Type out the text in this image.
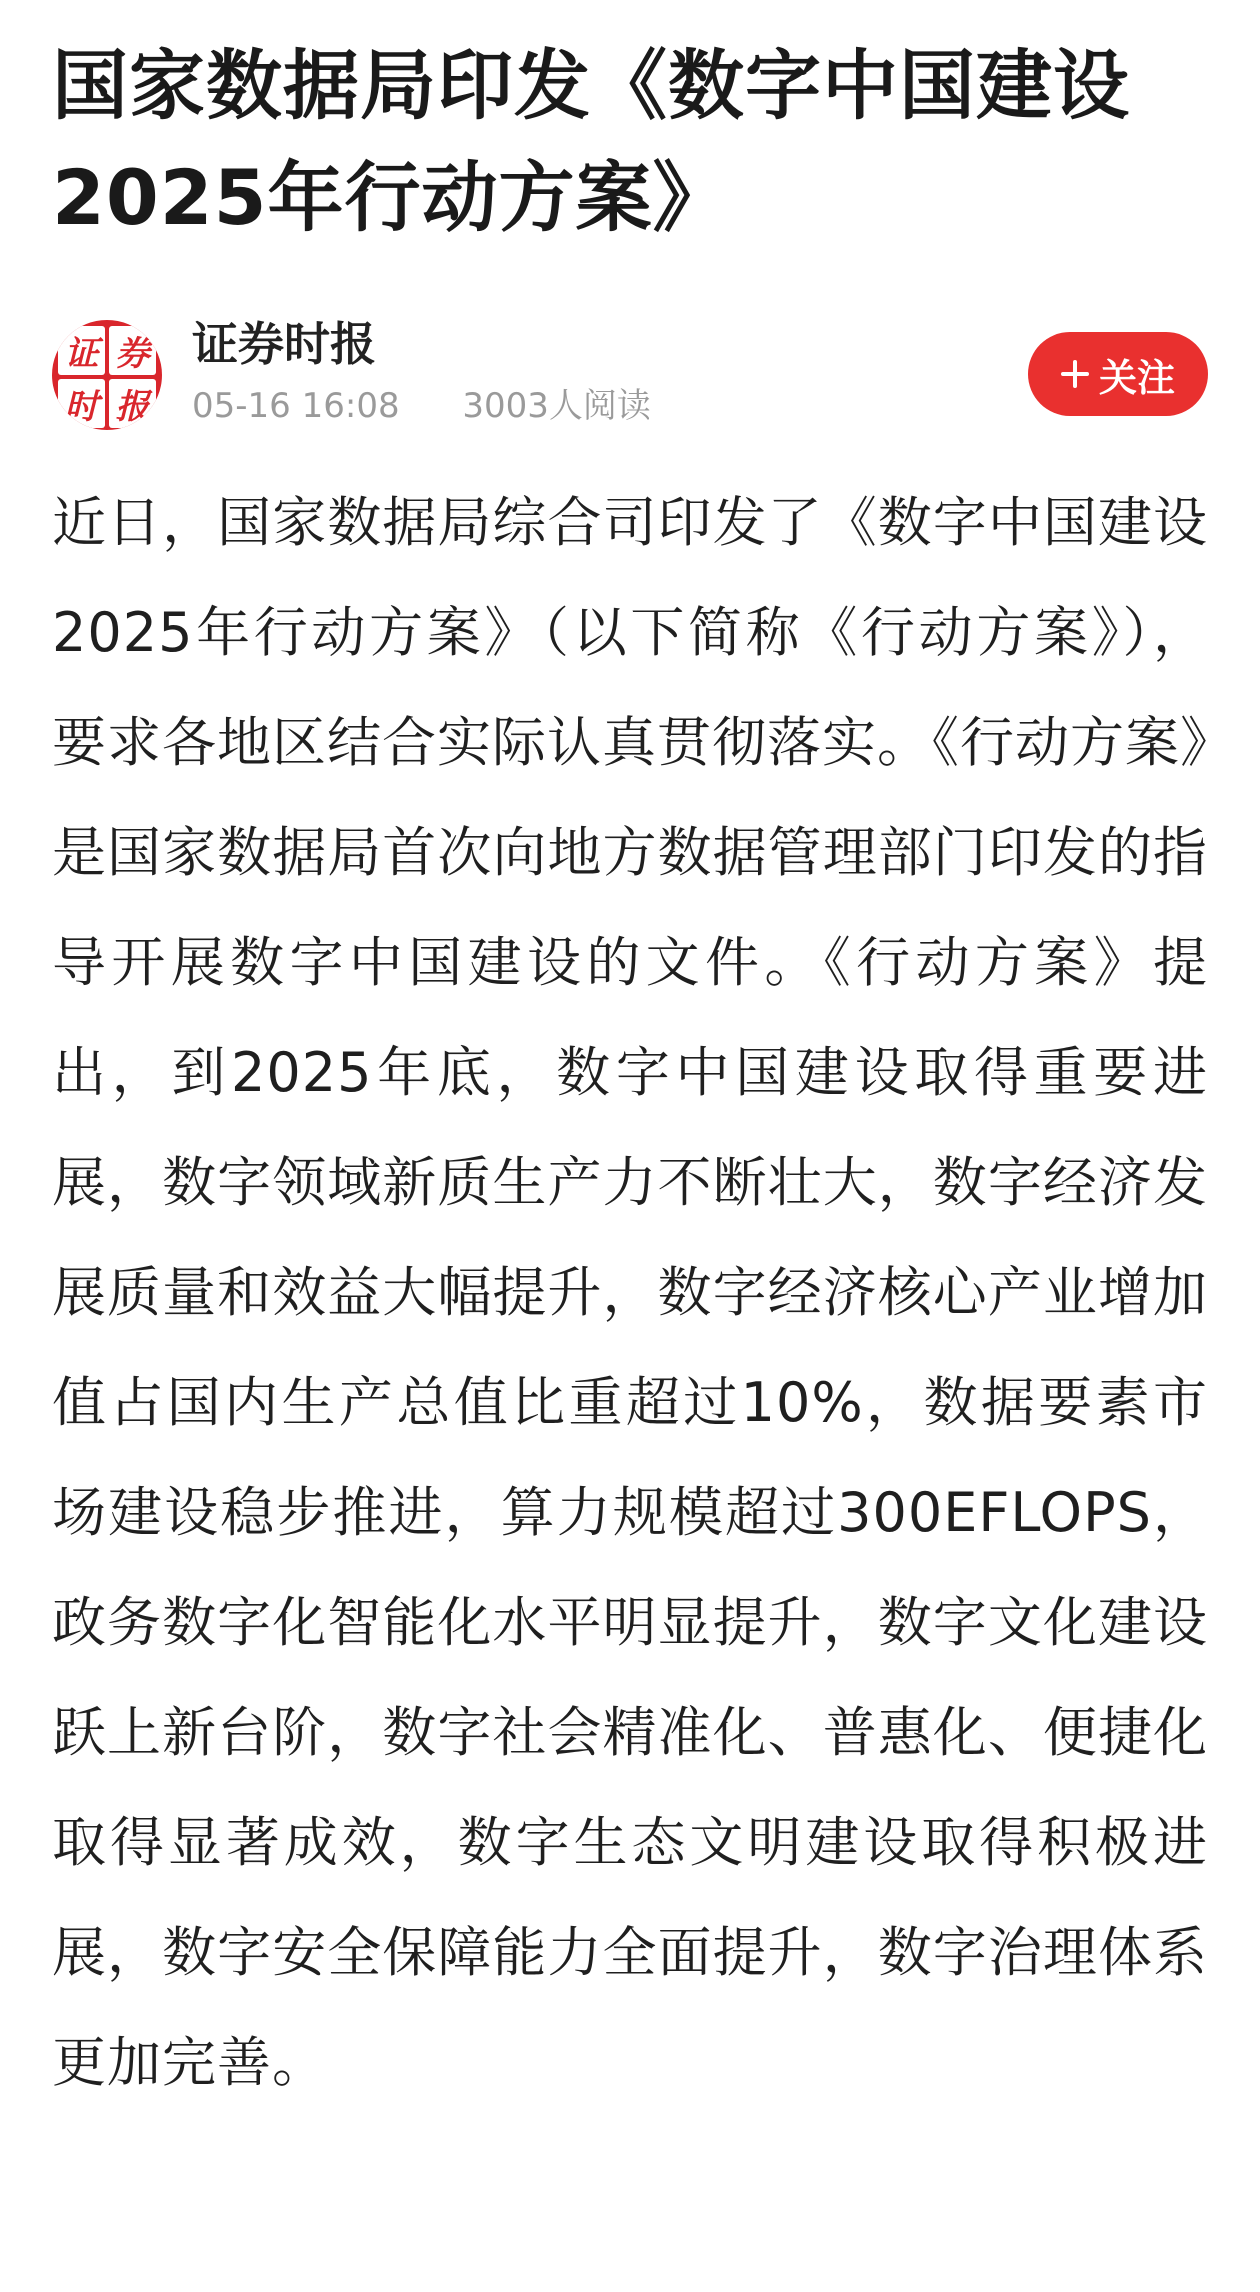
国家数据局印发《数字中国建设2025年行动方案》
证 券
时 报
证券时报
05-16 16:08 3003人阅读
关注

近日，国家数据局综合司印发了《数字中国建设2025年行动方案》（以下简称《行动方案》），要求各地区结合实际认真贯彻落实。《行动方案》是国家数据局首次向地方数据管理部门印发的指导开展数字中国建设的文件。《行动方案》提出，到2025年底，数字中国建设取得重要进展，数字领域新质生产力不断壮大，数字经济发展质量和效益大幅提升，数字经济核心产业增加值占国内生产总值比重超过10%，数据要素市场建设稳步推进，算力规模超过300EFLOPS，政务数字化智能化水平明显提升，数字文化建设跃上新台阶，数字社会精准化、普惠化、便捷化取得显著成效，数字生态文明建设取得积极进展，数字安全保障能力全面提升，数字治理体系更加完善。
